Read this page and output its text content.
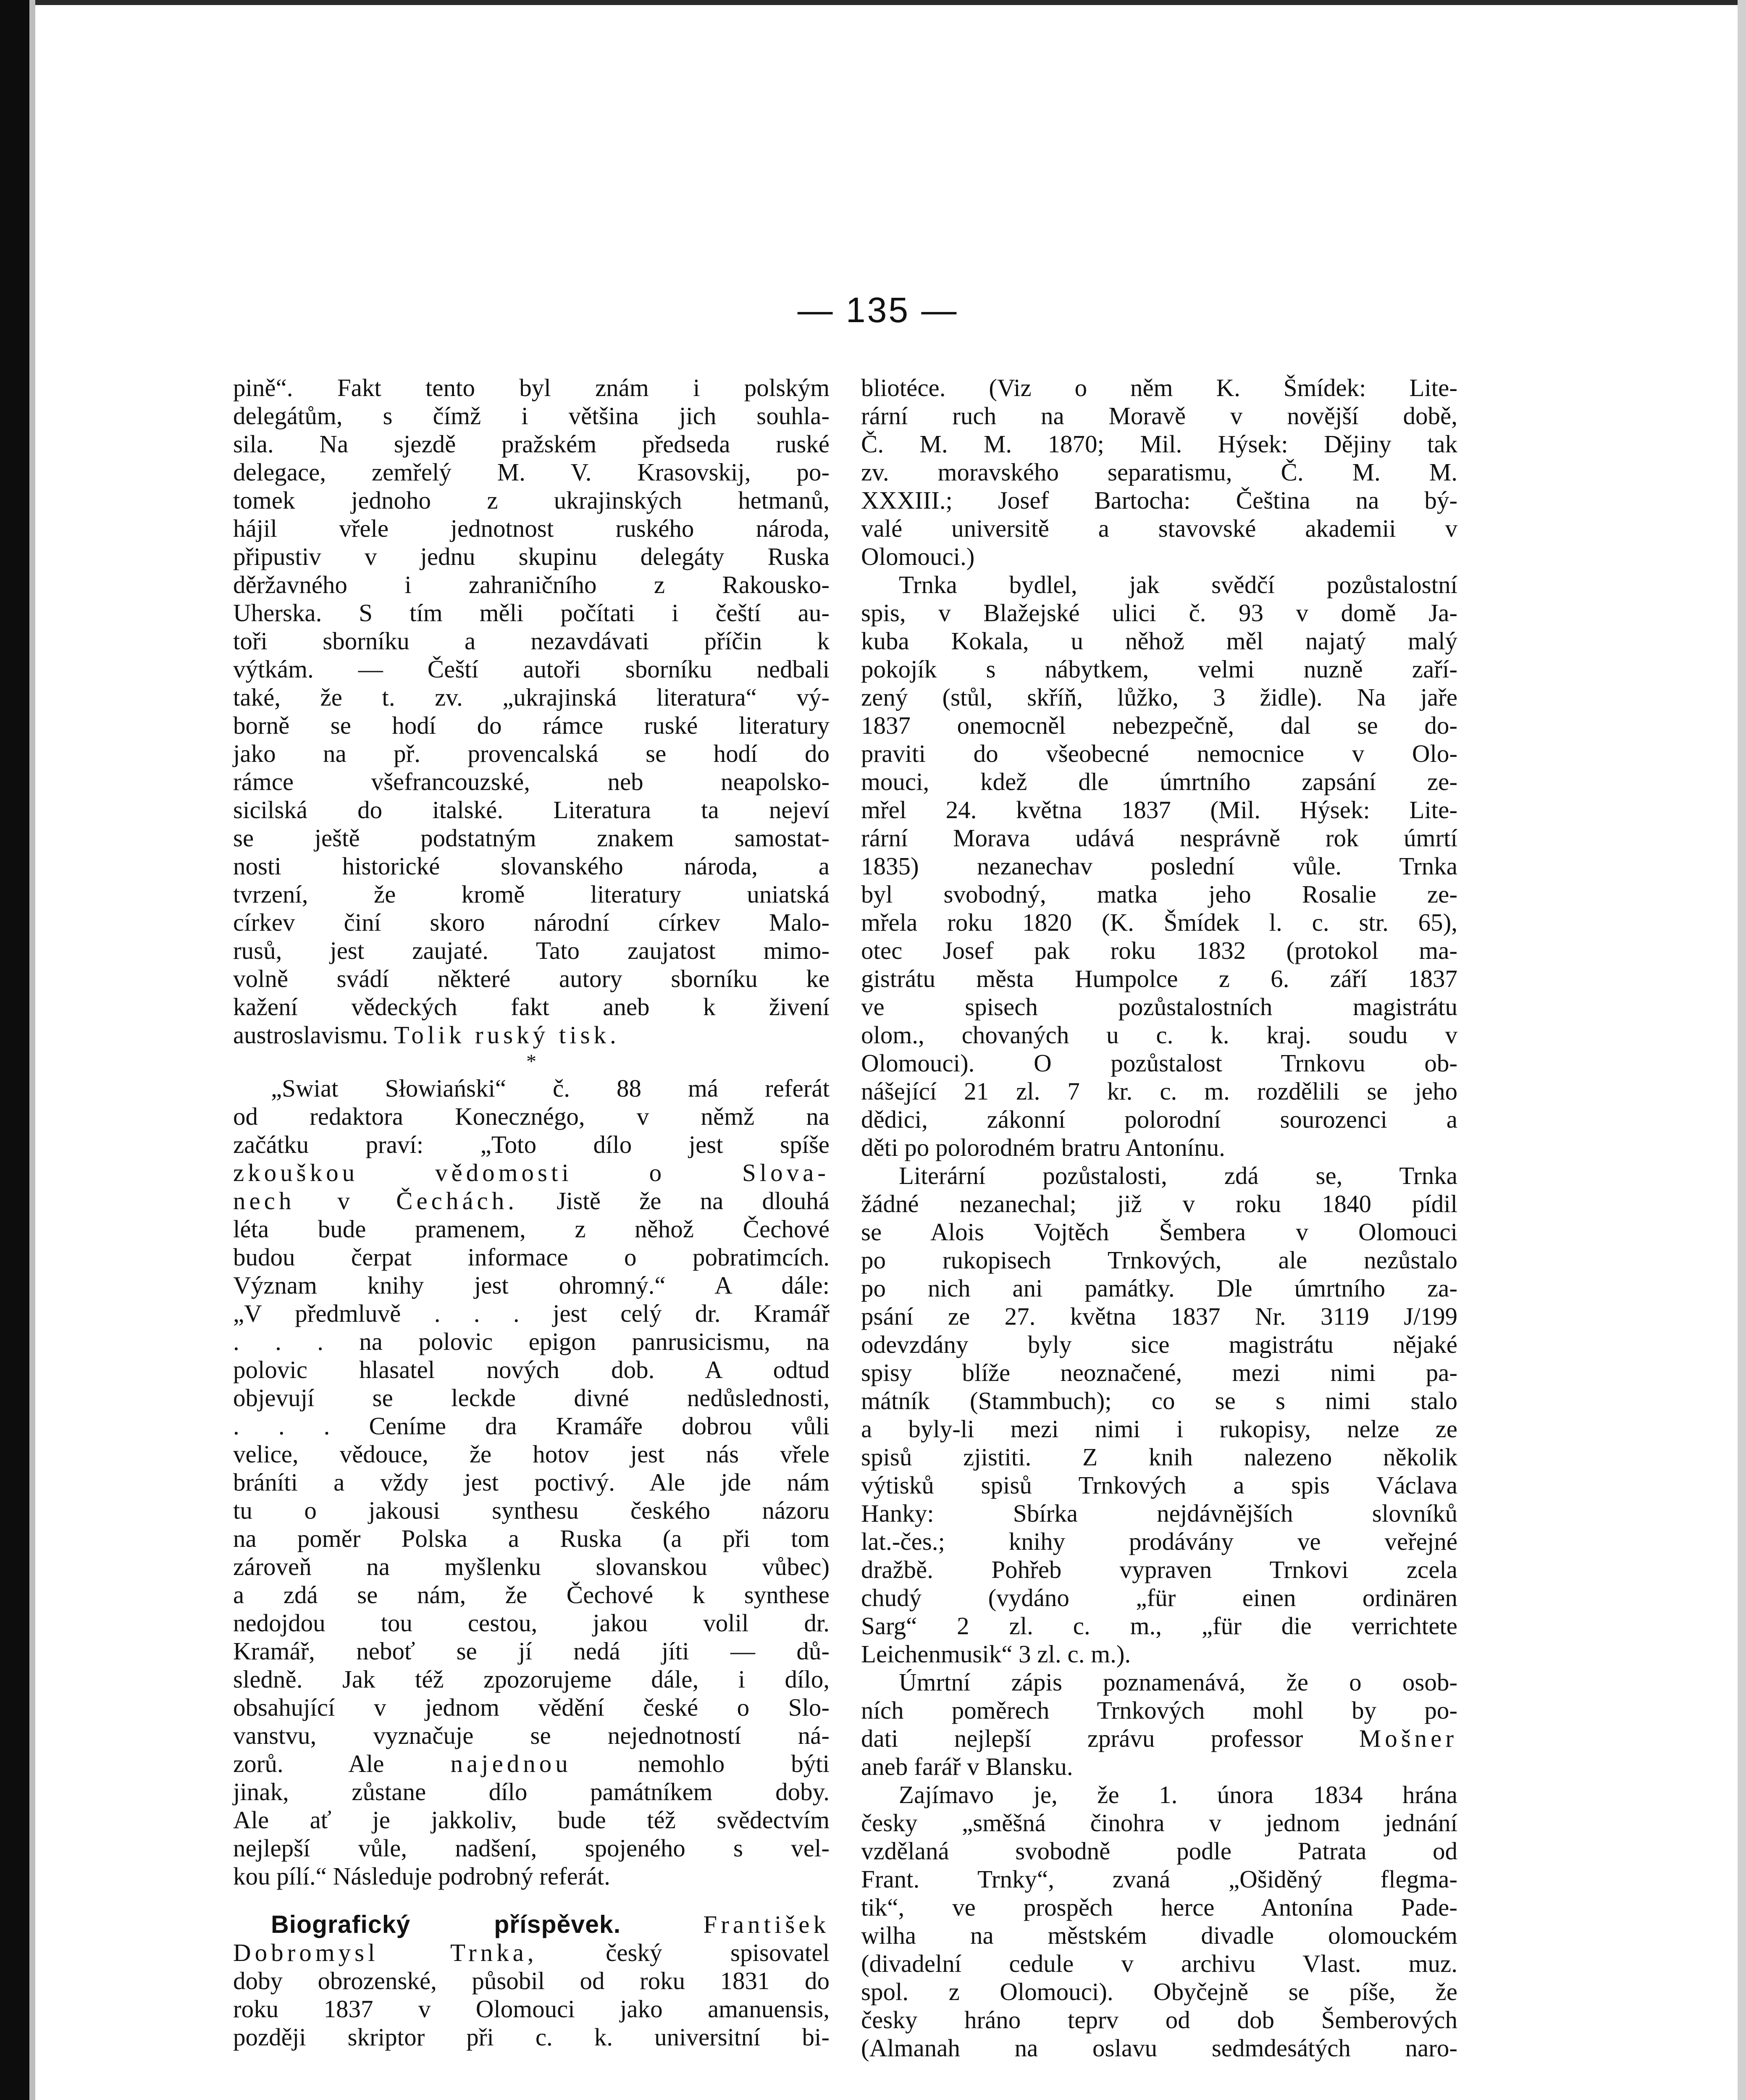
— 135 —
pině“. Fakt tento byl znám i polským
delegátům, s čímž i většina jich souhla-
sila. Na sjezdě pražském předseda ruské
delegace, zemřelý M. V. Krasovskij, po-
tomek jednoho z ukrajinských hetmanů,
hájil vřele jednotnost ruského národa,
připustiv v jednu skupinu delegáty Ruska
děržavného i zahraničního z Rakousko-
Uherska. S tím měli počítati i čeští au-
toři sborníku a nezavdávati příčin k
výtkám. — Čeští autoři sborníku nedbali
také, že t. zv. „ukrajinská literatura“ vý-
borně se hodí do rámce ruské literatury
jako na př. provencalská se hodí do
rámce všefrancouzské, neb neapolsko-
sicilská do italské. Literatura ta nejeví
se ještě podstatným znakem samostat-
nosti historické slovanského národa, a
tvrzení, že kromě literatury uniatská
církev činí skoro národní církev Malo-
rusů, jest zaujaté. Tato zaujatost mimo-
volně svádí některé autory sborníku ke
kažení vědeckých fakt aneb k živení
austroslavismu. Tolik ruský tisk.
*
„Swiat Słowiański“ č. 88 má referát
od redaktora Konecznégo, v němž na
začátku praví: „Toto dílo jest spíše
zkouškou vědomosti o Slova-
nech v Čechách. Jistě že na dlouhá
léta bude pramenem, z něhož Čechové
budou čerpat informace o pobratimcích.
Význam knihy jest ohromný.“ A dále:
„V předmluvě . . . jest celý dr. Kramář
. . . na polovic epigon panrusicismu, na
polovic hlasatel nových dob. A odtud
objevují se leckde divné nedůslednosti,
. . . Ceníme dra Kramáře dobrou vůli
velice, vědouce, že hotov jest nás vřele
bráníti a vždy jest poctivý. Ale jde nám
tu o jakousi synthesu českého názoru
na poměr Polska a Ruska (a při tom
zároveň na myšlenku slovanskou vůbec)
a zdá se nám, že Čechové k synthese
nedojdou tou cestou, jakou volil dr.
Kramář, neboť se jí nedá jíti — dů-
sledně. Jak též zpozorujeme dále, i dílo,
obsahující v jednom vědění české o Slo-
vanstvu, vyznačuje se nejednotností ná-
zorů. Ale	najednou	nemohlo býti
jinak, zůstane dílo památníkem doby.
Ale ať je jakkoliv, bude též svědectvím
nejlepší vůle, nadšení, spojeného s vel-
kou pílí.“ Následuje podrobný referát.
Biografický příspěvek.	František
Dobromysl Trnka,	český spisovatel
doby obrozenské, působil od roku 1831 do
roku 1837 v Olomouci jako amanuensis,
později skriptor při c. k. universitní bi-
bliotéce. (Viz o něm K. Šmídek: Lite-
rární ruch na Moravě v novější době,
Č. M. M. 1870; Mil. Hýsek: Dějiny tak
zv. moravského separatismu, Č. M. M.
XXXIII.; Josef Bartocha: Čeština na bý-
valé universitě a stavovské akademii v
Olomouci.)
Trnka bydlel, jak svědčí pozůstalostní
spis, v Blažejské ulici č. 93 v domě Ja-
kuba Kokala, u něhož měl najatý malý
pokojík s nábytkem, velmi nuzně zaří-
zený (stůl, skříň, lůžko, 3 židle). Na jaře
1837 onemocněl nebezpečně, dal se do-
praviti do všeobecné nemocnice v Olo-
mouci, kdež dle úmrtního zapsání ze-
mřel 24. května 1837 (Mil. Hýsek: Lite-
rární Morava udává nesprávně rok úmrtí
1835) nezanechav poslední vůle. Trnka
byl svobodný, matka jeho Rosalie ze-
mřela roku 1820 (K. Šmídek l. c. str. 65),
otec Josef pak roku 1832 (protokol ma-
gistrátu města Humpolce z 6. září 1837
ve spisech pozůstalostních magistrátu
olom., chovaných u c. k. kraj. soudu v
Olomouci). O pozůstalost Trnkovu ob-
nášející 21 zl. 7 kr. c. m. rozdělili se jeho
dědici, zákonní polorodní sourozenci a
děti po polorodném bratru Antonínu.
Literární pozůstalosti, zdá se, Trnka
žádné nezanechal; již v roku 1840 pídil
se Alois Vojtěch Šembera v Olomouci
po rukopisech Trnkových, ale nezůstalo
po nich ani památky. Dle úmrtního za-
psání ze 27. května 1837 Nr. 3119 J/199
odevzdány byly sice magistrátu nějaké
spisy blíže neoznačené, mezi nimi pa-
mátník (Stammbuch); co se s nimi stalo
a byly-li mezi nimi i rukopisy, nelze ze
spisů zjistiti. Z knih nalezeno několik
výtisků spisů Trnkových a spis Václava
Hanky: Sbírka nejdávnějších slovníků
lat.-čes.; knihy prodávány ve veřejné
dražbě. Pohřeb vypraven Trnkovi zcela
chudý (vydáno „für einen ordinären
Sarg“ 2 zl. c. m., „für die verrichtete
Leichenmusik“ 3 zl. c. m.).
Úmrtní zápis poznamenává, že o osob-
ních poměrech Trnkových mohl by po-
dati nejlepší zprávu professor Mošner
aneb farář v Blansku.
Zajímavo je, že 1. února 1834 hrána
česky „směšná činohra v jednom jednání
vzdělaná svobodně podle Patrata od
Frant. Trnky“, zvaná „Ošiděný flegma-
tik“, ve prospěch herce Antonína Pade-
wilha na městském divadle olomouckém
(divadelní cedule v archivu Vlast. muz.
spol. z Olomouci). Obyčejně se píše, že
česky hráno teprv od dob Šemberových
(Almanah na oslavu sedmdesátých naro-
